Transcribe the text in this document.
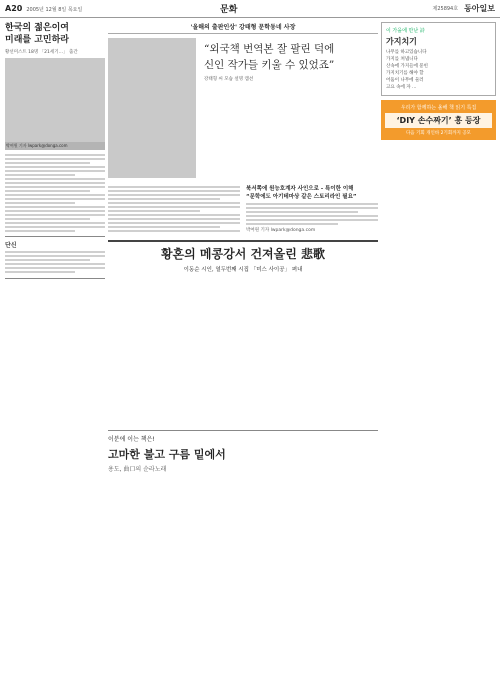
A20 2005년 12월 8일 목요일	문화	제25894호 동아일보
한국의 젊은이여
미래를 고민하라
황선미스트 18명 「21세기…」 출간
박여원 기자 lwpark@donga.com
단신
'올해의 출판인상' 강태형 문학동네 사장
“외국책 번역본 잘 팔린 덕에
신인 작가들 키울 수 있었죠”
강태형 씨 모습 설명 캡션
북서쪽에 원능호계자 사인으로 - 특이한 이해
“문학에도 아기테마상 같은 스토리라인 필요”
박여원 기자 lwpark@donga.com
황혼의 메콩강서 건져올린 悲歌
이동순 시인, 열두번째 시집 「미스 사이공」 펴내
이 가을에 만난 詩
가지치기
나무를 하고있습니다
가지를 쳐냅니다
산속에 가지들에 묻힌
가지치기를 해야 할
어둠이 나무에 둘러
고요 속에 자 ...
우리가 함께하는 올해 책 읽기 특집
‘DIY 손수짜기’ 흥 등장
다음 기회 개인바 2기회까지 공모
이분에 이는 책은!
고마한 불고 구름 밑에서
용도, 曲口의 순라노래
